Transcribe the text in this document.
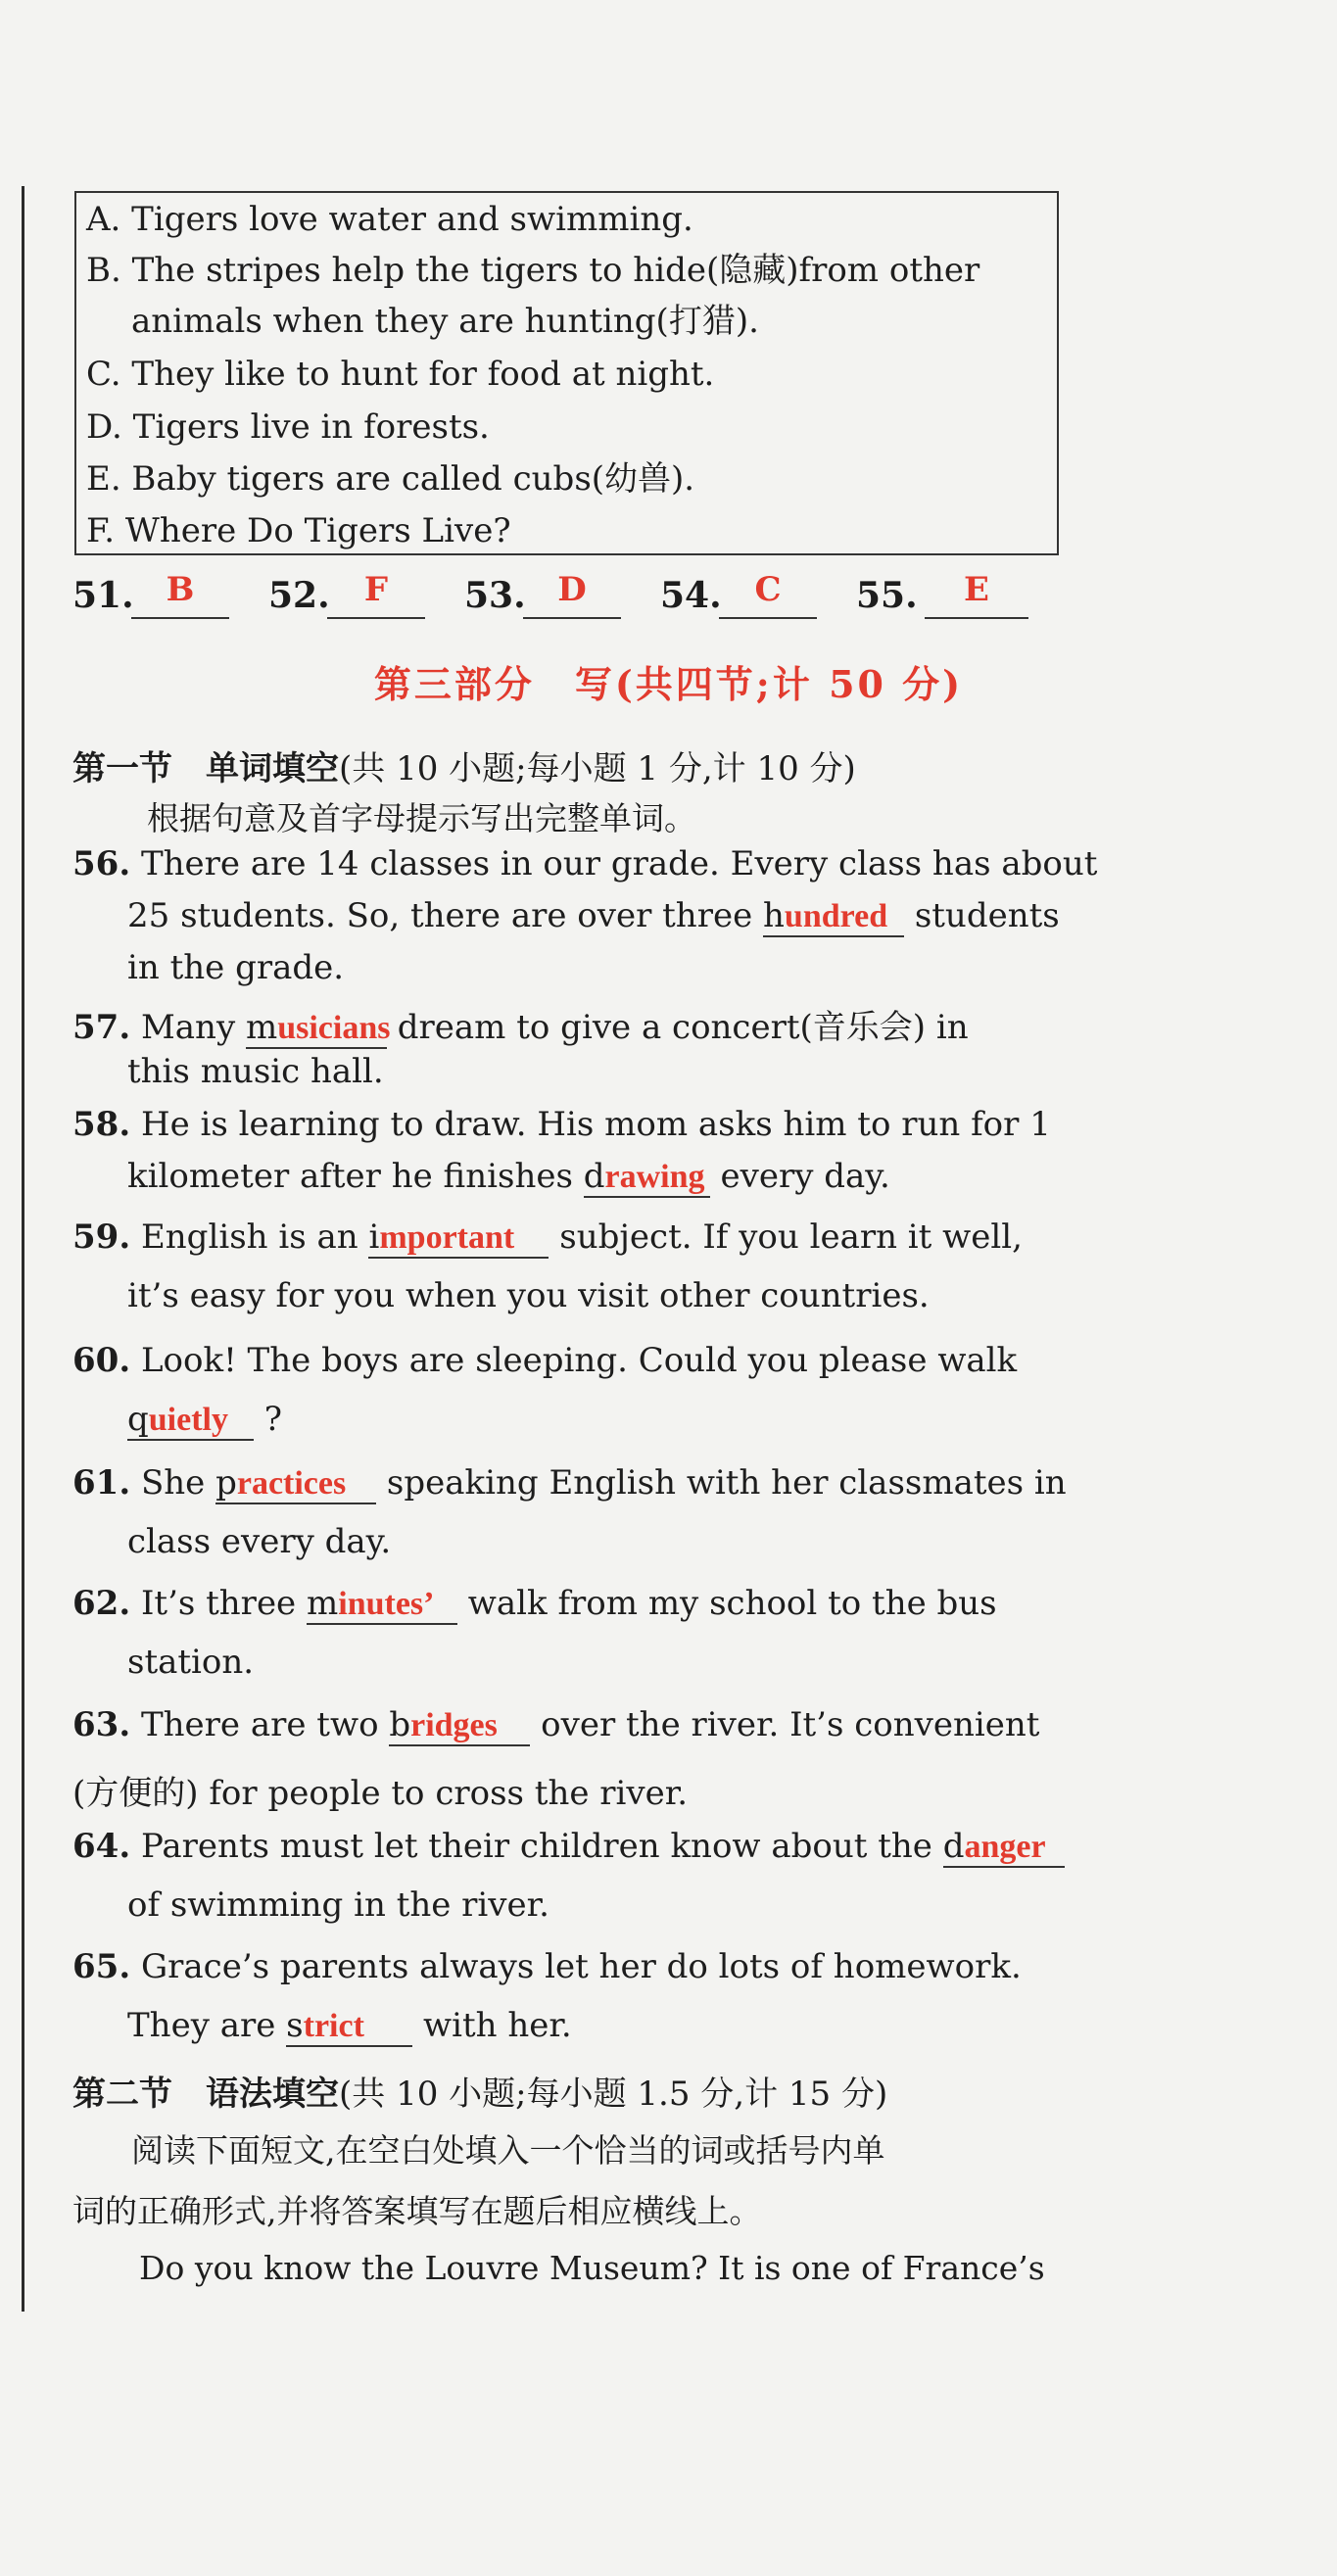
A. Tigers love water and swimming.
B. The stripes help the tigers to hide(隐藏)from other
animals when they are hunting(打猎).
C. They like to hunt for food at night.
D. Tigers live in forests.
E. Baby tigers are called cubs(幼兽).
F. Where Do Tigers Live?
51. B	52.	F	53. D	54. C	55.	E
第三部分　写(共四节;计 50 分)
第一节　单词填空(共 10 小题;每小题 1 分,计 10 分)
根据句意及首字母提示写出完整单词。
56. There are 14 classes in our grade. Every class has about
25 students. So, there are over three hundred students
in the grade.
57. Many musicians dream to give a concert(音乐会) in
this music hall.
58. He is learning to draw. His mom asks him to run for 1
kilometer after he finishes drawing every day.
59. English is an important subject. If you learn it well,
it’s easy for you when you visit other countries.
60. Look! The boys are sleeping. Could you please walk
quietly ?
61. She practices speaking English with her classmates in
class every day.
62. It’s three minutes’ walk from my school to the bus
station.
63. There are two bridges over the river. It’s convenient
(方便的) for people to cross the river.
64. Parents must let their children know about the danger
of swimming in the river.
65. Grace’s parents always let her do lots of homework.
They are strict with her.
第二节　语法填空(共 10 小题;每小题 1.5 分,计 15 分)
阅读下面短文,在空白处填入一个恰当的词或括号内单
词的正确形式,并将答案填写在题后相应横线上。
Do you know the Louvre Museum? It is one of France’s
